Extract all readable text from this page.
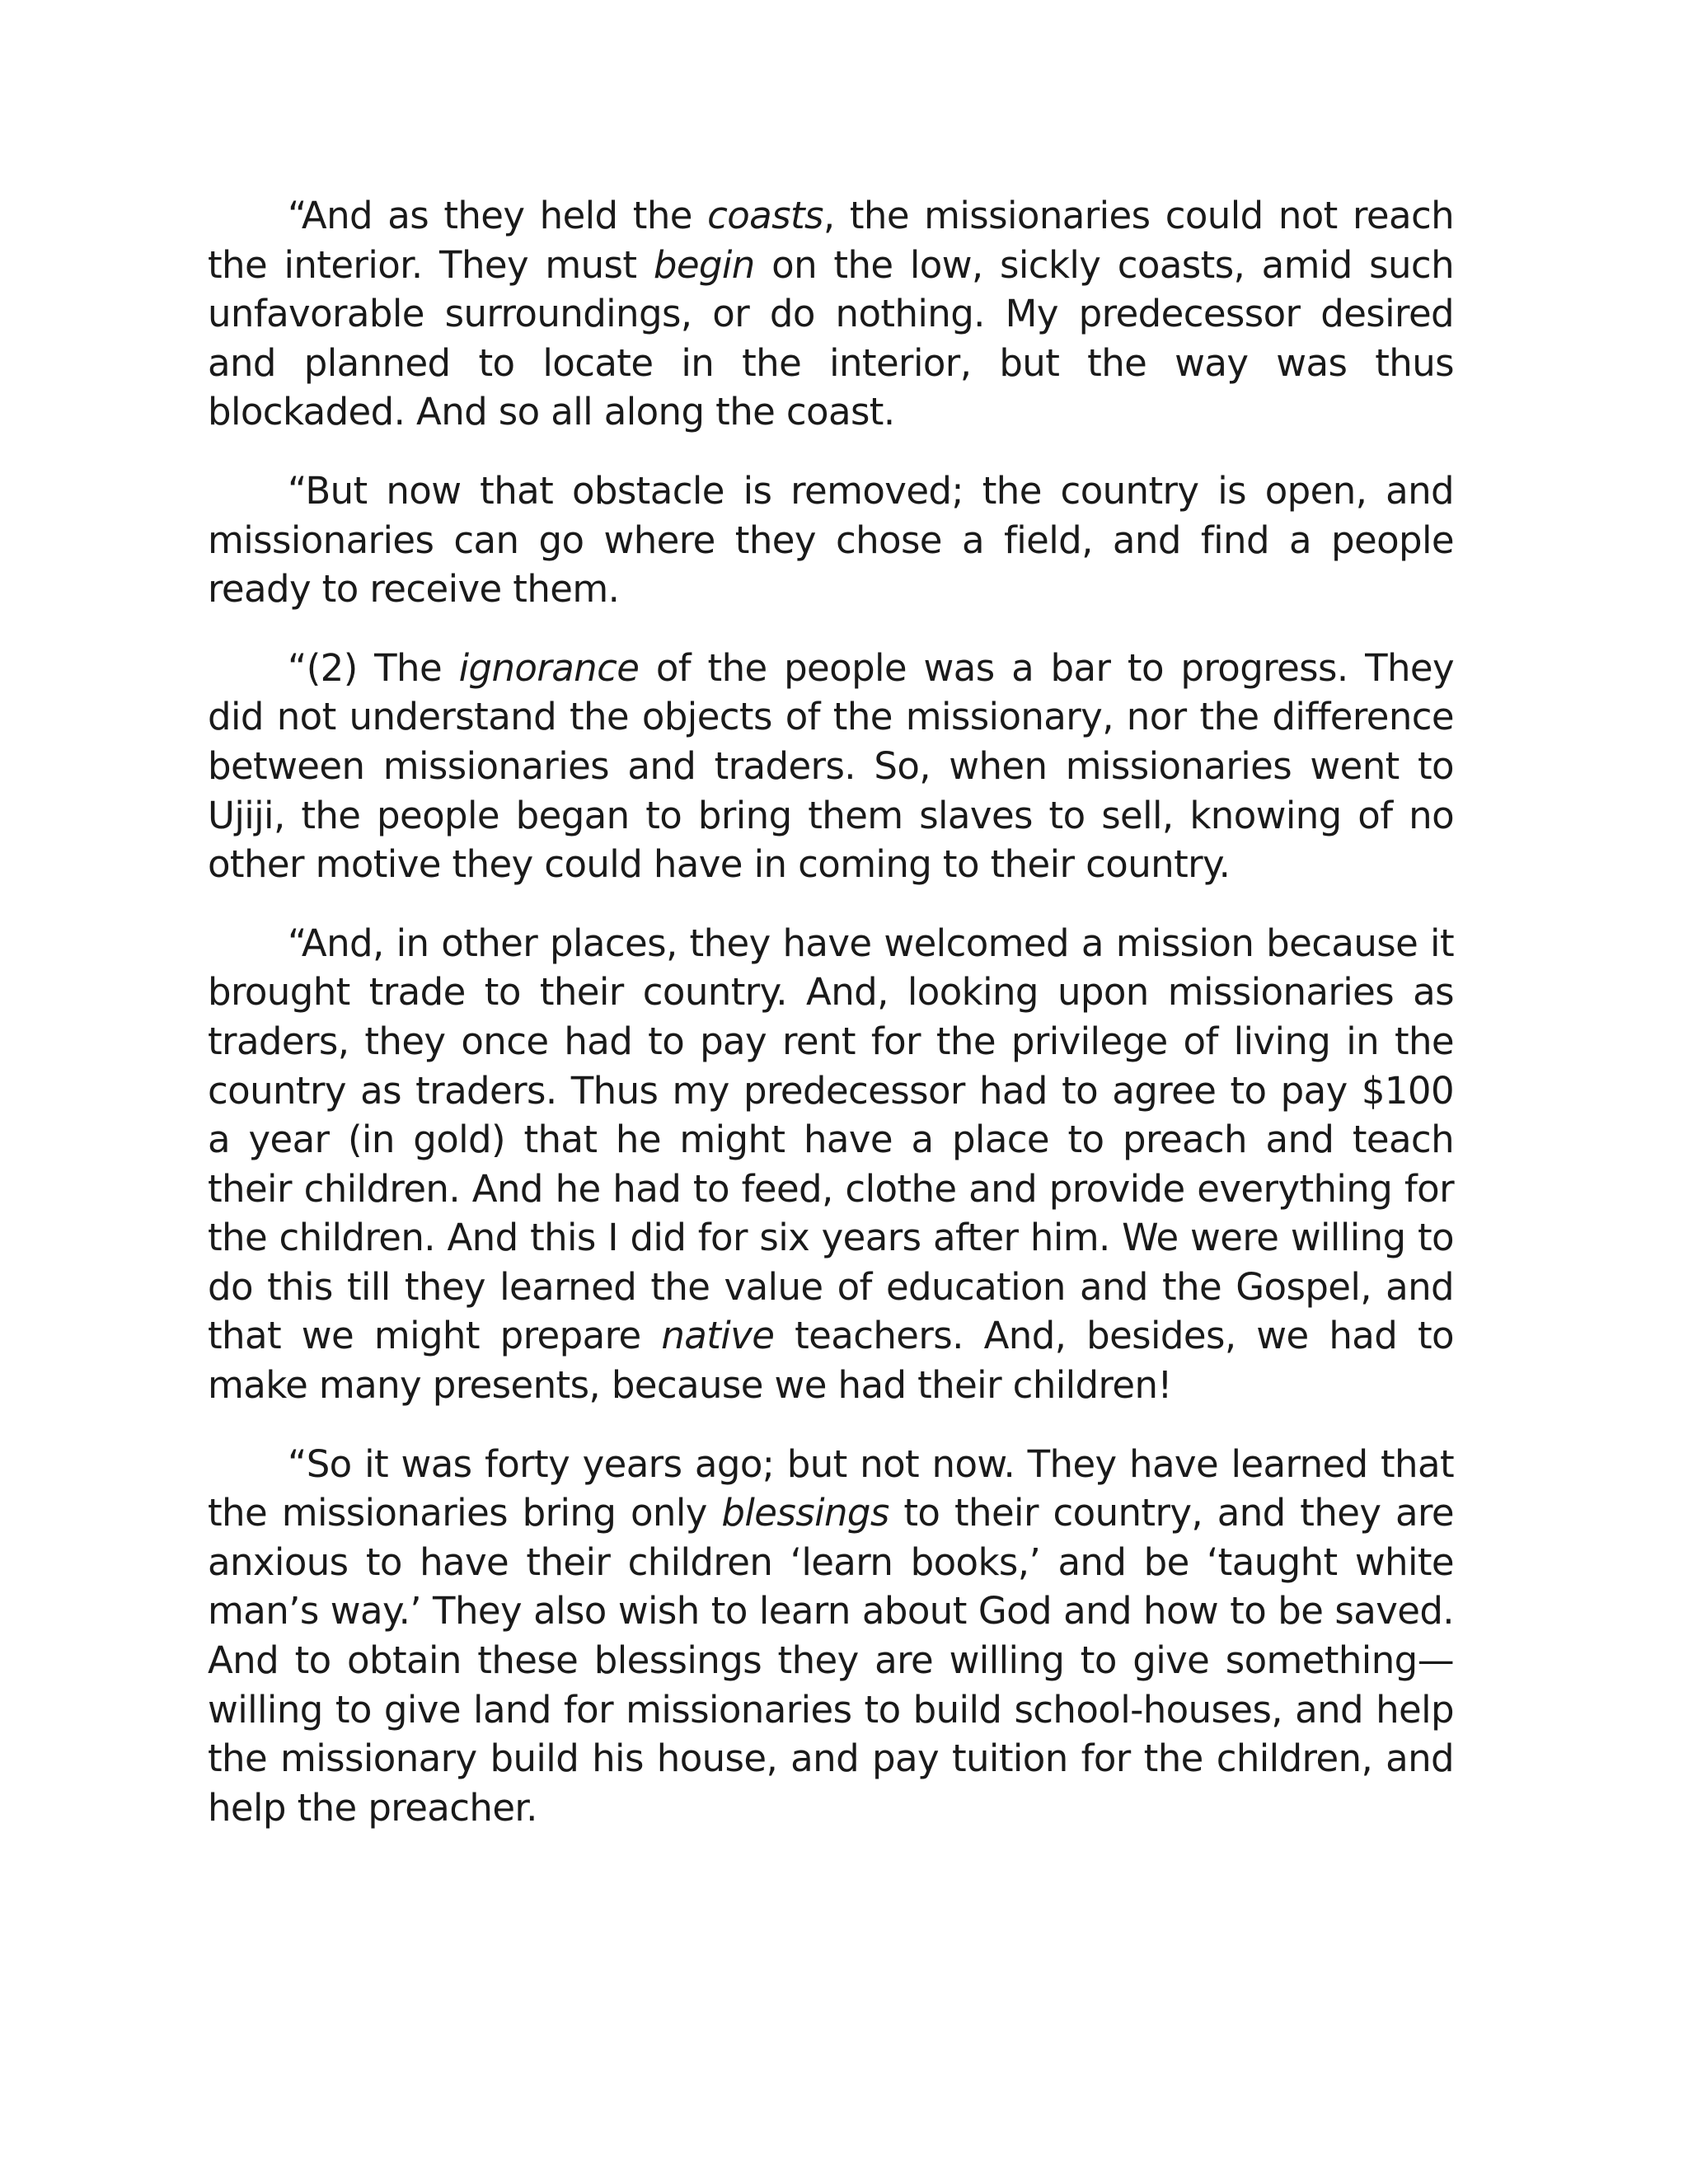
“And as they held the coasts, the missionaries could not reach the interior. They must begin on the low, sickly coasts, amid such unfavorable surroundings, or do nothing. My predecessor desired and planned to locate in the interior, but the way was thus blockaded. And so all along the coast.

“But now that obstacle is removed; the country is open, and missionaries can go where they chose a field, and find a people ready to receive them.

“(2) The ignorance of the people was a bar to progress. They did not understand the objects of the missionary, nor the difference between missionaries and traders. So, when missionaries went to Ujiji, the people began to bring them slaves to sell, knowing of no other motive they could have in coming to their country.

“And, in other places, they have welcomed a mission because it brought trade to their country. And, looking upon missionaries as traders, they once had to pay rent for the privilege of living in the country as traders. Thus my predecessor had to agree to pay $100 a year (in gold) that he might have a place to preach and teach their children. And he had to feed, clothe and provide everything for the children. And this I did for six years after him. We were willing to do this till they learned the value of education and the Gospel, and that we might prepare native teachers. And, besides, we had to make many presents, because we had their children!

“So it was forty years ago; but not now. They have learned that the missionaries bring only blessings to their country, and they are anxious to have their children ‘learn books,’ and be ‘taught white man’s way.’ They also wish to learn about God and how to be saved. And to obtain these blessings they are willing to give something—willing to give land for missionaries to build school-houses, and help the missionary build his house, and pay tuition for the children, and help the preacher.
